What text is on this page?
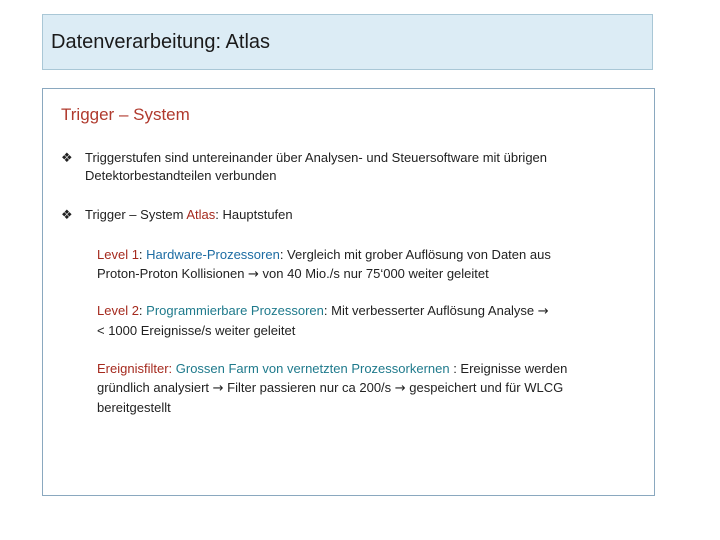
Datenverarbeitung: Atlas
Trigger – System
❖ Triggerstufen sind untereinander über Analysen- und Steuersoftware mit übrigen
Detektorbestandteilen verbunden
❖ Trigger – System Atlas: Hauptstufen
Level 1: Hardware-Prozessoren: Vergleich mit grober Auflösung von Daten aus
Proton-Proton Kollisionen → von 40 Mio./s nur 75‘000 weiter geleitet
Level 2: Programmierbare Prozessoren: Mit verbesserter Auflösung Analyse →
< 1000 Ereignisse/s weiter geleitet
Ereignisfilter: Grossen Farm von vernetzten Prozessorkernen : Ereignisse werden
gründlich analysiert → Filter passieren nur ca 200/s → gespeichert und für WLCG
bereitgestellt
